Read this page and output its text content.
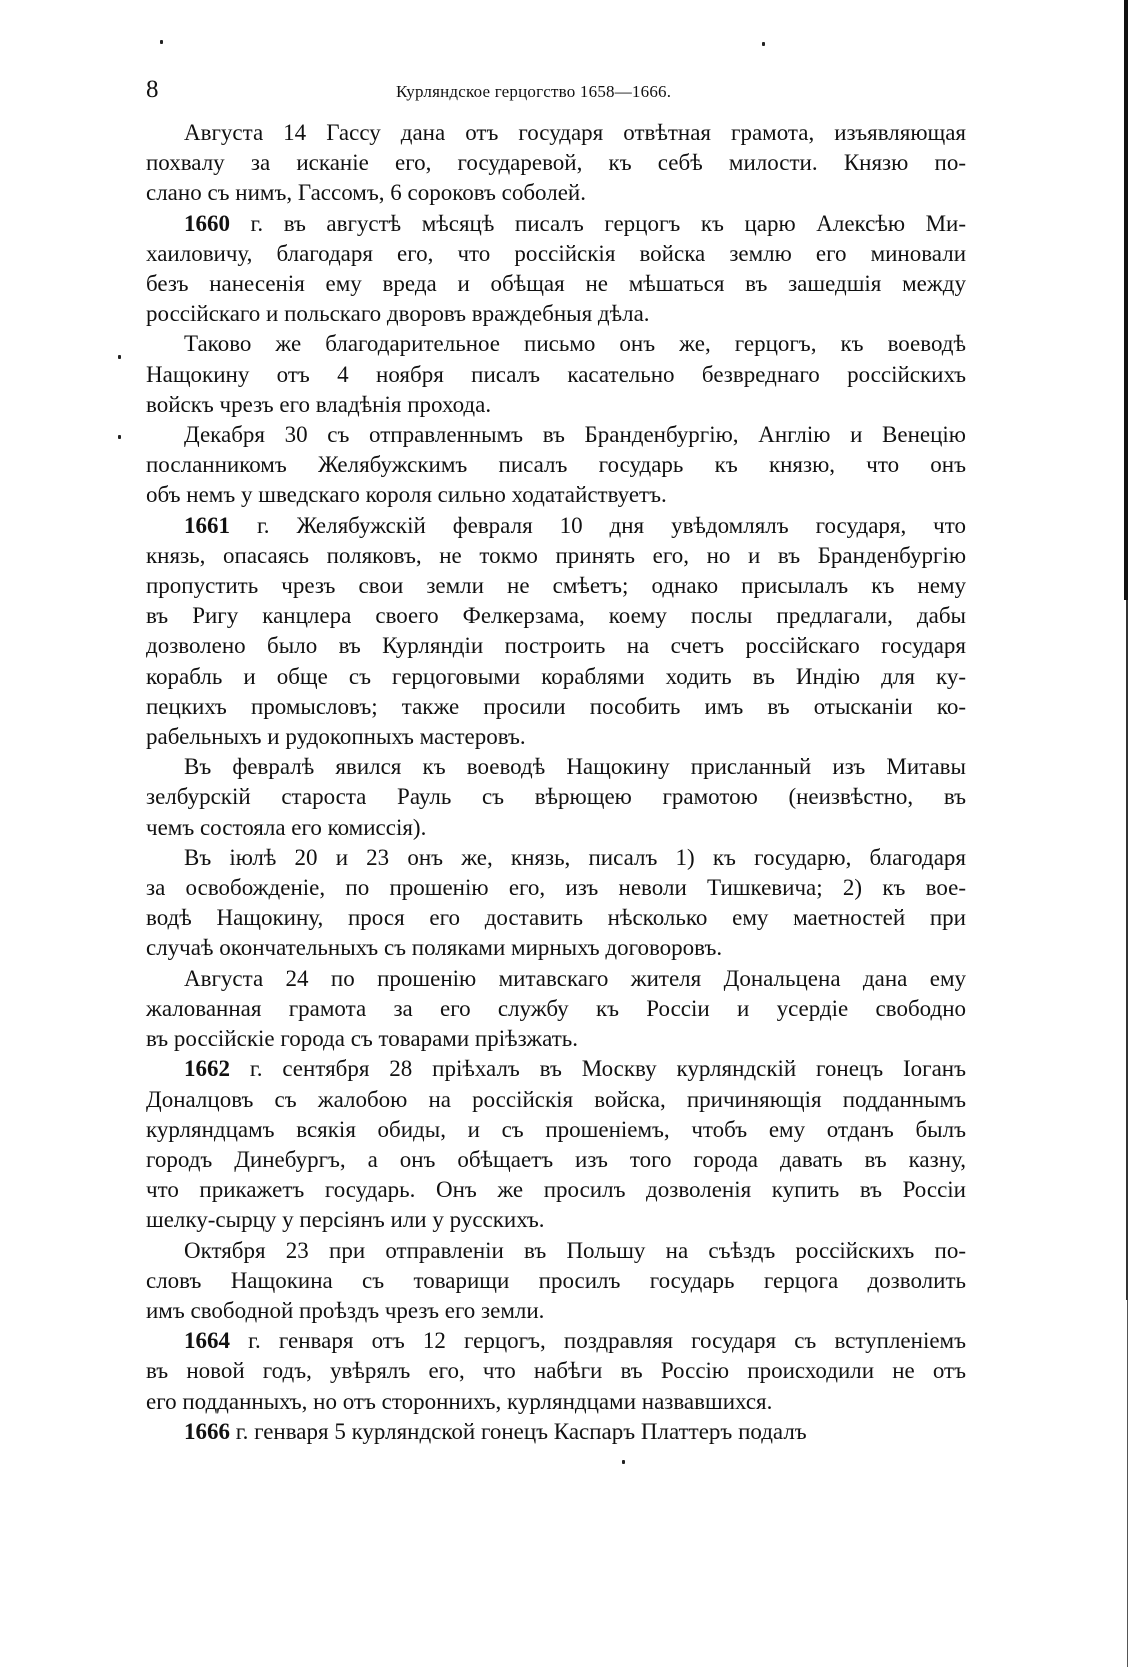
8	Курляндское герцогство 1658—1666.
Августа 14 Гассу дана отъ государя отвѣтная грамота, изъявляющая
похвалу за исканіе его, государевой, къ себѣ милости. Князю по-
слано съ нимъ, Гассомъ, 6 сороковъ соболей.
1660 г. въ августѣ мѣсяцѣ писалъ герцогъ къ царю Алексѣю Ми-
хаиловичу, благодаря его, что россійскія войска землю его миновали
безъ нанесенія ему вреда и обѣщая не мѣшаться въ зашедшія между
россійскаго и польскаго дворовъ враждебныя дѣла.
Таково же благодарительное письмо онъ же, герцогъ, къ воеводѣ
Нащокину отъ 4 ноября писалъ касательно безвреднаго россійскихъ
войскъ чрезъ его владѣнія прохода.
Декабря 30 съ отправленнымъ въ Бранденбургію, Англію и Венецію
посланникомъ Желябужскимъ писалъ государь къ князю, что онъ
объ немъ у шведскаго короля сильно ходатайствуетъ.
1661 г. Желябужскій февраля 10 дня увѣдомлялъ государя, что
князь, опасаясь поляковъ, не токмо принять его, но и въ Бранденбургію
пропустить чрезъ свои земли не смѣетъ; однако присылалъ къ нему
въ Ригу канцлера своего Фелкерзама, коему послы предлагали, дабы
дозволено было въ Курляндіи построить на счетъ россійскаго государя
корабль и обще съ герцоговыми кораблями ходить въ Индію для ку-
пецкихъ промысловъ; также просили пособить имъ въ отысканіи ко-
рабельныхъ и рудокопныхъ мастеровъ.
Въ февралѣ явился къ воеводѣ Нащокину присланный изъ Митавы
зелбурскій староста Рауль съ вѣрющею грамотою (неизвѣстно, въ
чемъ состояла его комиссія).
Въ іюлѣ 20 и 23 онъ же, князь, писалъ 1) къ государю, благодаря
за освобожденіе, по прошенію его, изъ неволи Тишкевича; 2) къ вое-
водѣ Нащокину, прося его доставить нѣсколько ему маетностей при
случаѣ окончательныхъ съ поляками мирныхъ договоровъ.
Августа 24 по прошенію митавскаго жителя Дональцена дана ему
жалованная грамота за его службу къ Россіи и усердіе свободно
въ россійскіе города съ товарами пріѣзжать.
1662 г. сентября 28 пріѣхалъ въ Москву курляндскій гонецъ Іоганъ
Доналцовъ съ жалобою на россійскія войска, причиняющія подданнымъ
курляндцамъ всякія обиды, и съ прошеніемъ, чтобъ ему отданъ былъ
городъ Динебургъ, а онъ обѣщаетъ изъ того города давать въ казну,
что прикажетъ государь. Онъ же просилъ дозволенія купить въ Россіи
шелку-сырцу у персіянъ или у русскихъ.
Октября 23 при отправленіи въ Польшу на съѣздъ россійскихъ по-
словъ Нащокина съ товарищи просилъ государь герцога дозволить
имъ свободной проѣздъ чрезъ его земли.
1664 г. генваря отъ 12 герцогъ, поздравляя государя съ вступленіемъ
въ новой годъ, увѣрялъ его, что набѣги въ Россію происходили не отъ
его подданныхъ, но отъ стороннихъ, курляндцами назвавшихся.
1666 г. генваря 5 курляндской гонецъ Каспаръ Платтеръ подалъ
